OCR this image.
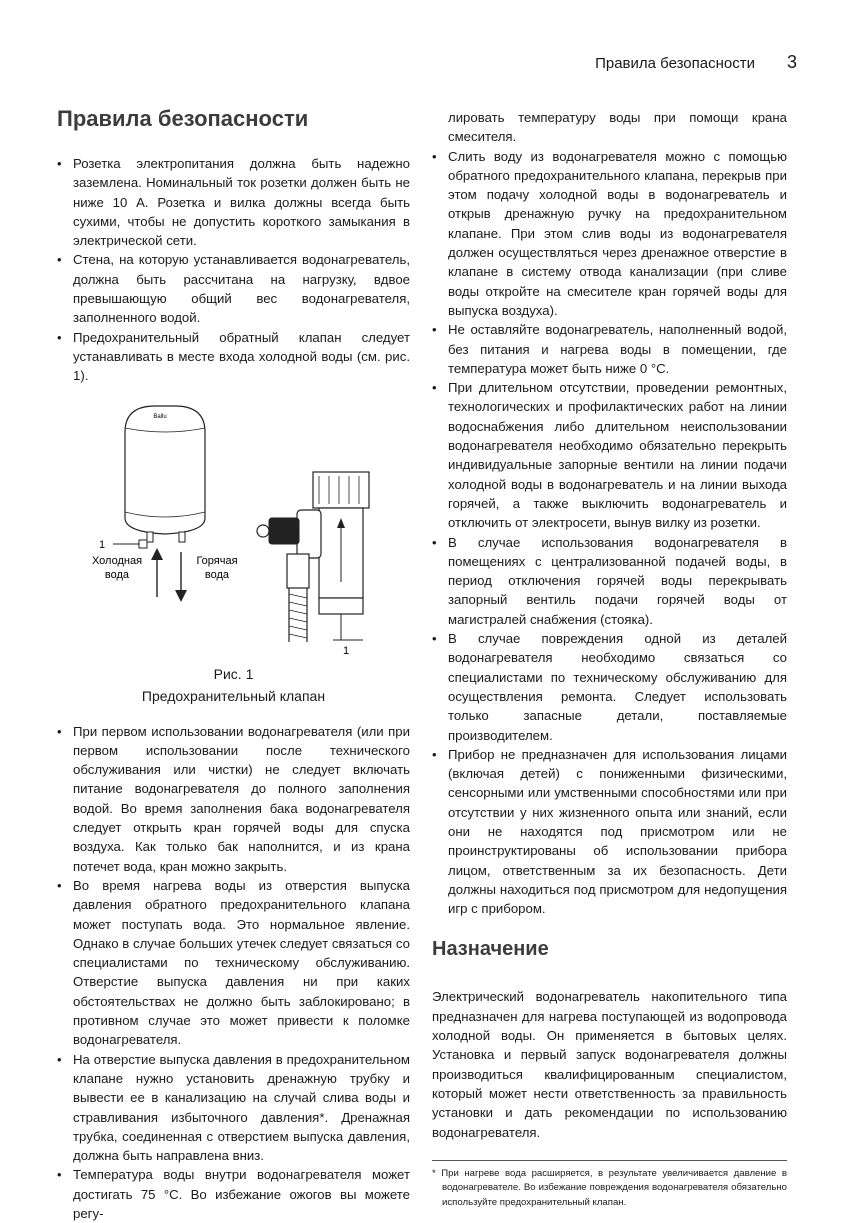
Правила безопасности 3
Правила безопасности
• Розетка электропитания должна быть надежно заземлена. Номинальный ток розетки должен быть не ниже 10 А. Розетка и вилка должны всегда быть сухими, чтобы не допустить короткого замыкания в электрической сети.
• Стена, на которую устанавливается водонагреватель, должна быть рассчитана на нагрузку, вдвое превышающую общий вес водонагревателя, заполненного водой.
• Предохранительный обратный клапан следует устанавливать в месте входа холодной воды (см. рис. 1).
Ballu
1
Холодная
вода
Горячая
вода
1
Рис. 1
Предохранительный клапан
• При первом использовании водонагревателя (или при первом использовании после технического обслуживания или чистки) не следует включать питание водонагревателя до полного заполнения водой. Во время заполнения бака водонагревателя следует открыть кран горячей воды для спуска воздуха. Как только бак наполнится, и из крана потечет вода, кран можно закрыть.
• Во время нагрева воды из отверстия выпуска давления обратного предохранительного клапана может поступать вода. Это нормальное явление. Однако в случае больших утечек следует связаться со специалистами по техническому обслуживанию. Отверстие выпуска давления ни при каких обстоятельствах не должно быть заблокировано; в противном случае это может привести к поломке водонагревателя.
• На отверстие выпуска давления в предохранительном клапане нужно установить дренажную трубку и вывести ее в канализацию на случай слива воды и стравливания избыточного давления*. Дренажная трубка, соединенная с отверстием выпуска давления, должна быть направлена вниз.
• Температура воды внутри водонагревателя может достигать 75 °С. Во избежание ожогов вы можете регу-

лировать температуру воды при помощи крана смесителя.

• Слить воду из водонагревателя можно с помощью обратного предохранительного клапана, перекрыв при этом подачу холодной воды в водонагреватель и открыв дренажную ручку на предохранительном клапане. При этом слив воды из водонагревателя должен осуществляться через дренажное отверстие в клапане в систему отвода канализации (при сливе воды откройте на смесителе кран горячей воды для выпуска воздуха).
• Не оставляйте водонагреватель, наполненный водой, без питания и нагрева воды в помещении, где температура может быть ниже 0 °С.
• При длительном отсутствии, проведении ремонтных, технологических и профилактических работ на линии водоснабжения либо длительном неиспользовании водонагревателя необходимо обязательно перекрыть индивидуальные запорные вентили на линии подачи холодной воды в водонагреватель и на линии выхода горячей, а также выключить водонагреватель и отключить от электросети, вынув вилку из розетки.
• В случае использования водонагревателя в помещениях с централизованной подачей воды, в период отключения горячей воды перекрывать запорный вентиль подачи горячей воды от магистралей снабжения (стояка).
• В случае повреждения одной из деталей водонагревателя необходимо связаться со специалистами по техническому обслуживанию для осуществления ремонта. Следует использовать только запасные детали, поставляемые производителем.
• Прибор не предназначен для использования лицами (включая детей) с пониженными физическими, сенсорными или умственными способностями или при отсутствии у них жизненного опыта или знаний, если они не находятся под присмотром или не проинструктированы об использовании прибора лицом, ответственным за их безопасность. Дети должны находиться под присмотром для недопущения игр с прибором.
Назначение

Электрический водонагреватель накопительного типа предназначен для нагрева поступающей из водопровода холодной воды. Он применяется в бытовых целях. Установка и первый запуск водонагревателя должны производиться квалифицированным специалистом, который может нести ответственность за правильность установки и дать рекомендации по использованию водонагревателя.

* При нагреве вода расширяется, в результате увеличивается давление в водонагревателе. Во избежание повреждения водонагревателя обязательно используйте предохранительный клапан.
